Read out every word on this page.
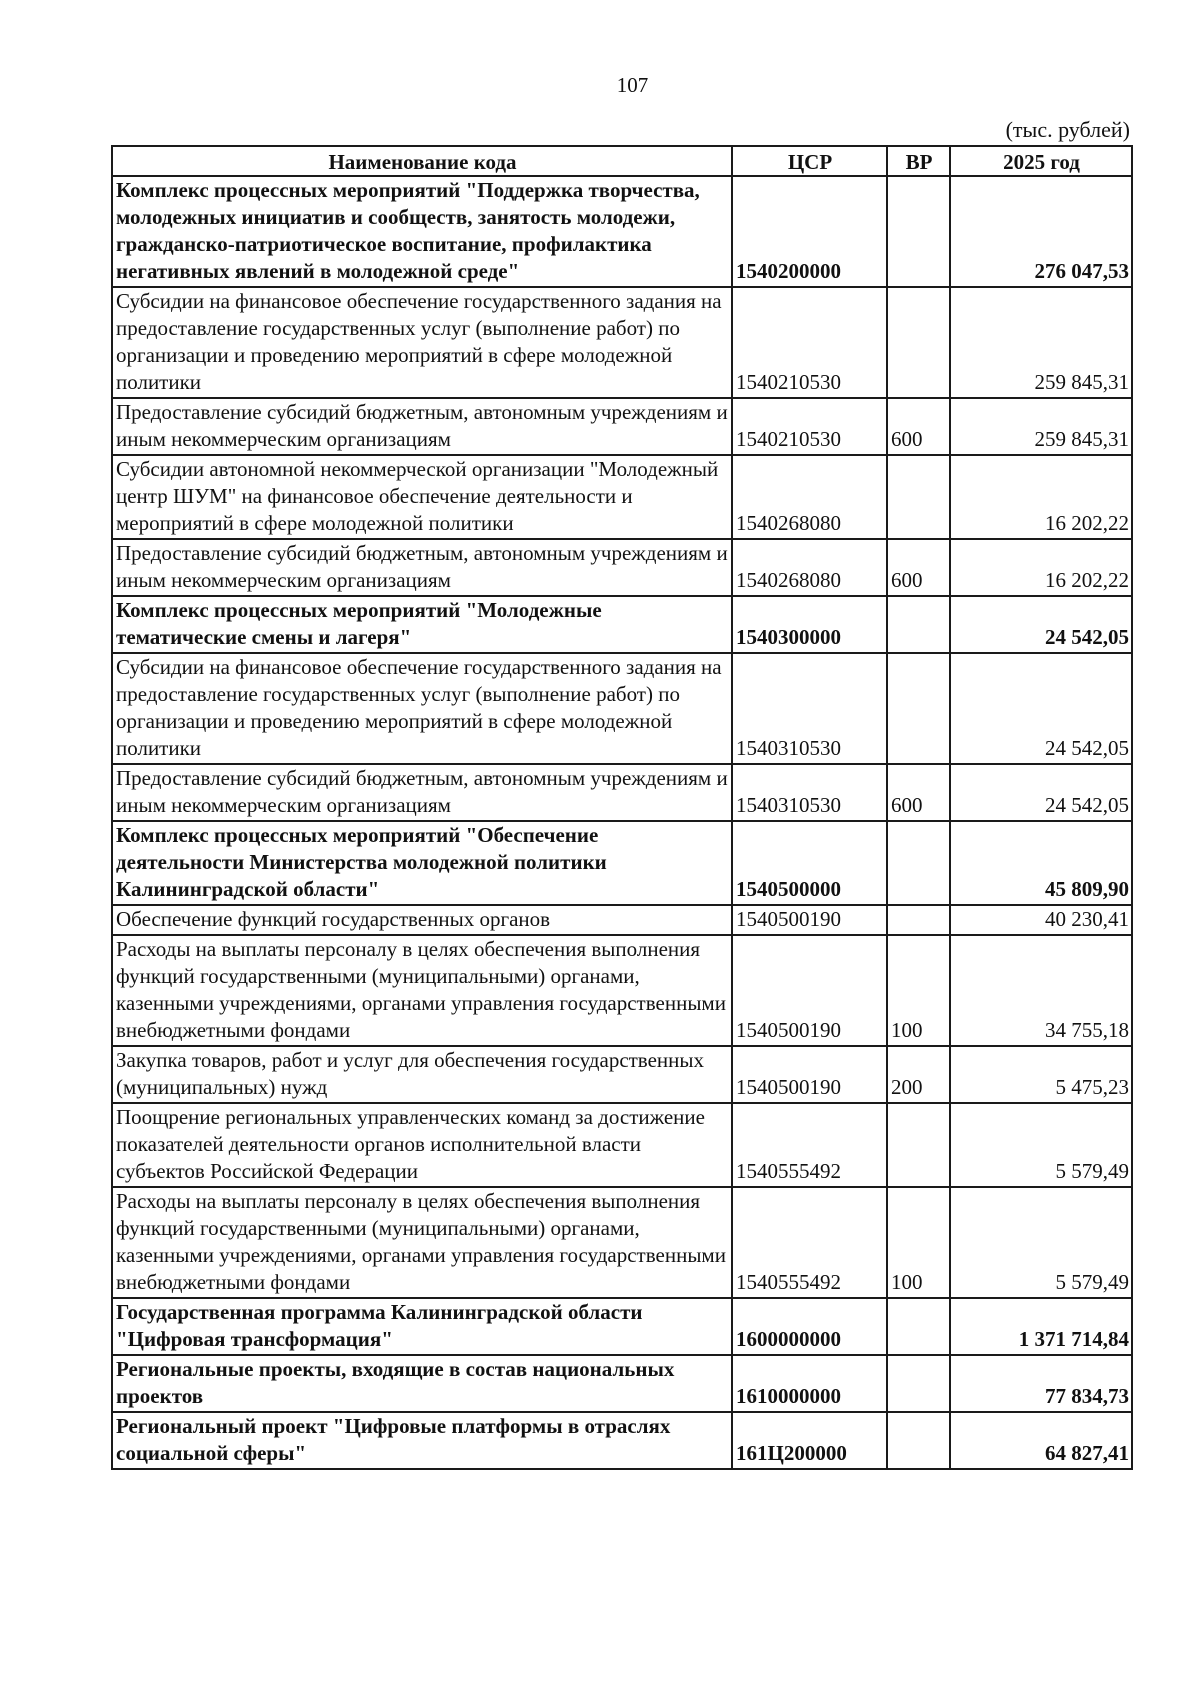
107
(тыс. рублей)
Наименование кода	ЦСР	ВР	2025 год
Комплекс процессных мероприятий "Поддержка творчества, молодежных инициатив и сообществ, занятость молодежи, гражданско-патриотическое воспитание, профилактика негативных явлений в молодежной среде"	1540200000		276 047,53
Субсидии на финансовое обеспечение государственного задания на предоставление государственных услуг (выполнение работ) по организации и проведению мероприятий в сфере молодежной политики	1540210530		259 845,31
Предоставление субсидий бюджетным, автономным учреждениям и иным некоммерческим организациям	1540210530	600	259 845,31
Субсидии автономной некоммерческой организации "Молодежный центр ШУМ" на финансовое обеспечение деятельности и мероприятий в сфере молодежной политики	1540268080		16 202,22
Предоставление субсидий бюджетным, автономным учреждениям и иным некоммерческим организациям	1540268080	600	16 202,22
Комплекс процессных мероприятий "Молодежные тематические смены и лагеря"	1540300000		24 542,05
Субсидии на финансовое обеспечение государственного задания на предоставление государственных услуг (выполнение работ) по организации и проведению мероприятий в сфере молодежной политики	1540310530		24 542,05
Предоставление субсидий бюджетным, автономным учреждениям и иным некоммерческим организациям	1540310530	600	24 542,05
Комплекс процессных мероприятий "Обеспечение деятельности Министерства молодежной политики Калининградской области"	1540500000		45 809,90
Обеспечение функций государственных органов	1540500190		40 230,41
Расходы на выплаты персоналу в целях обеспечения выполнения функций государственными (муниципальными) органами, казенными учреждениями, органами управления государственными внебюджетными фондами	1540500190	100	34 755,18
Закупка товаров, работ и услуг для обеспечения государственных (муниципальных) нужд	1540500190	200	5 475,23
Поощрение региональных управленческих команд за достижение показателей деятельности органов исполнительной власти субъектов Российской Федерации	1540555492		5 579,49
Расходы на выплаты персоналу в целях обеспечения выполнения функций государственными (муниципальными) органами, казенными учреждениями, органами управления государственными внебюджетными фондами	1540555492	100	5 579,49
Государственная программа Калининградской области "Цифровая трансформация"	1600000000		1 371 714,84
Региональные проекты, входящие в состав национальных проектов	1610000000		77 834,73
Региональный проект "Цифровые платформы в отраслях социальной сферы"	161Ц200000		64 827,41
